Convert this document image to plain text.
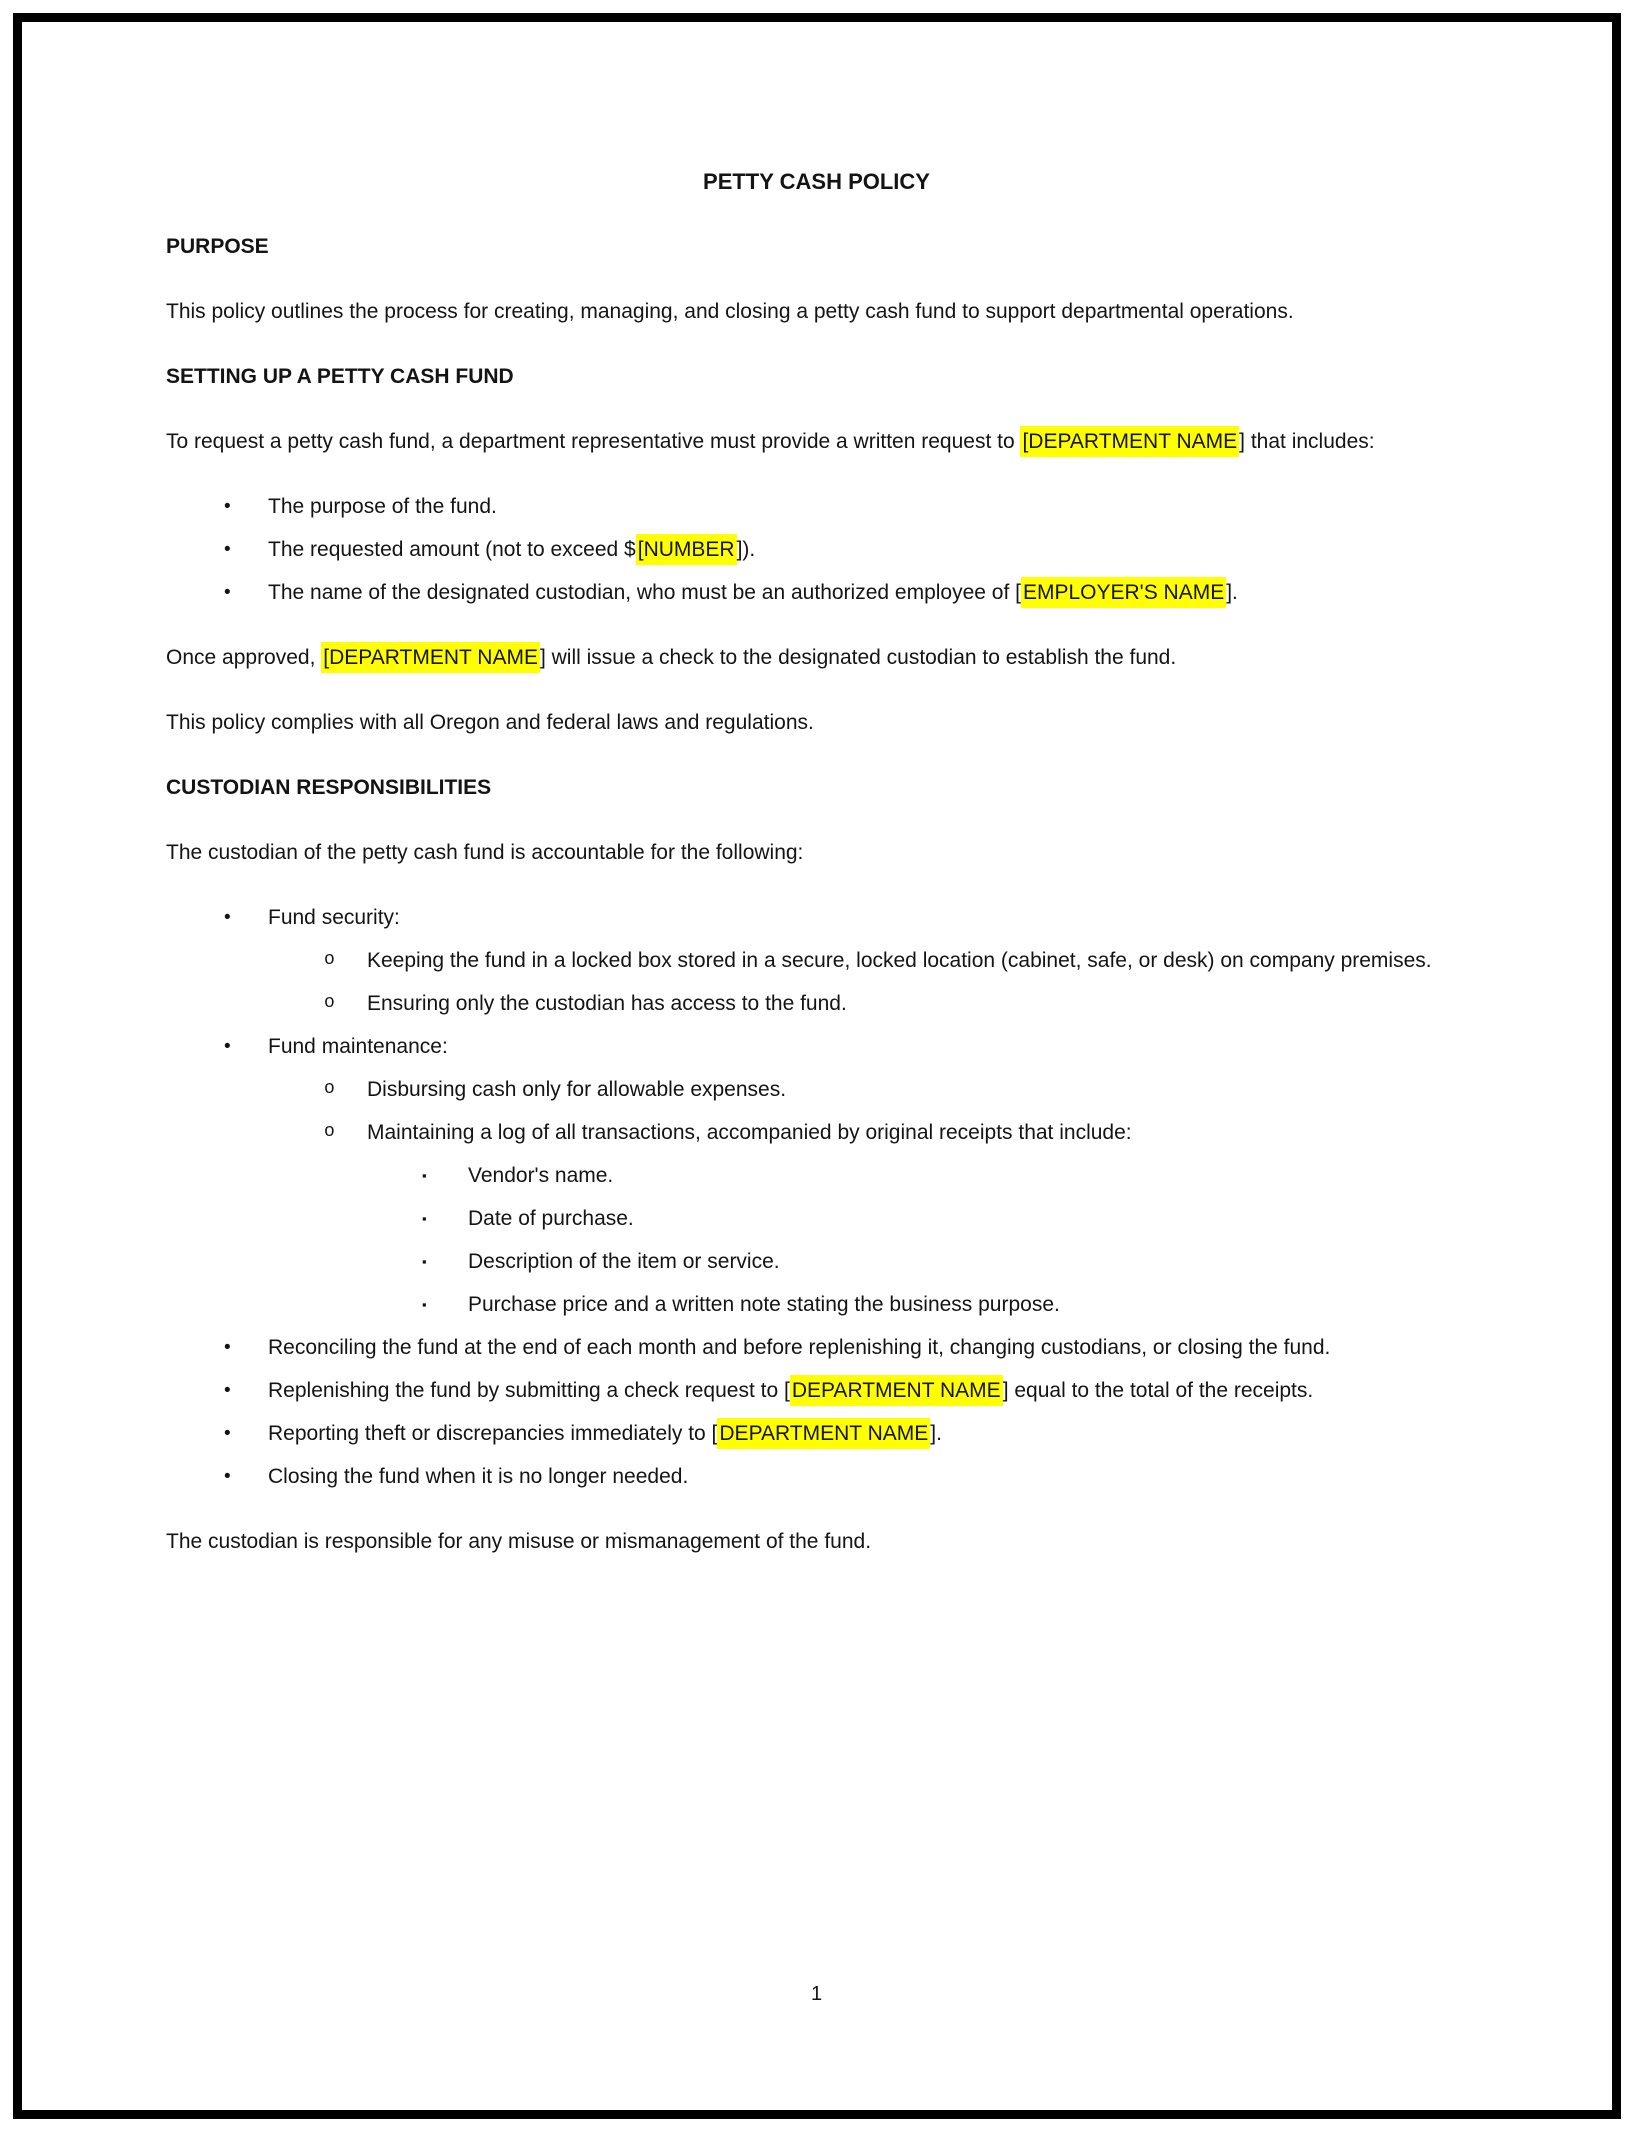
PETTY CASH POLICY
PURPOSE
This policy outlines the process for creating, managing, and closing a petty cash fund to support departmental operations.
SETTING UP A PETTY CASH FUND
To request a petty cash fund, a department representative must provide a written request to [DEPARTMENT NAME] that includes:
• The purpose of the fund.
• The requested amount (not to exceed $[NUMBER]).
• The name of the designated custodian, who must be an authorized employee of [EMPLOYER'S NAME].
Once approved, [DEPARTMENT NAME] will issue a check to the designated custodian to establish the fund.
This policy complies with all Oregon and federal laws and regulations.
CUSTODIAN RESPONSIBILITIES
The custodian of the petty cash fund is accountable for the following:
• Fund security:
o Keeping the fund in a locked box stored in a secure, locked location (cabinet, safe, or desk) on company premises.
o Ensuring only the custodian has access to the fund.
• Fund maintenance:
o Disbursing cash only for allowable expenses.
o Maintaining a log of all transactions, accompanied by original receipts that include:
▪ Vendor's name.
▪ Date of purchase.
▪ Description of the item or service.
▪ Purchase price and a written note stating the business purpose.
• Reconciling the fund at the end of each month and before replenishing it, changing custodians, or closing the fund.
• Replenishing the fund by submitting a check request to [DEPARTMENT NAME] equal to the total of the receipts.
• Reporting theft or discrepancies immediately to [DEPARTMENT NAME].
• Closing the fund when it is no longer needed.
The custodian is responsible for any misuse or mismanagement of the fund.
1
